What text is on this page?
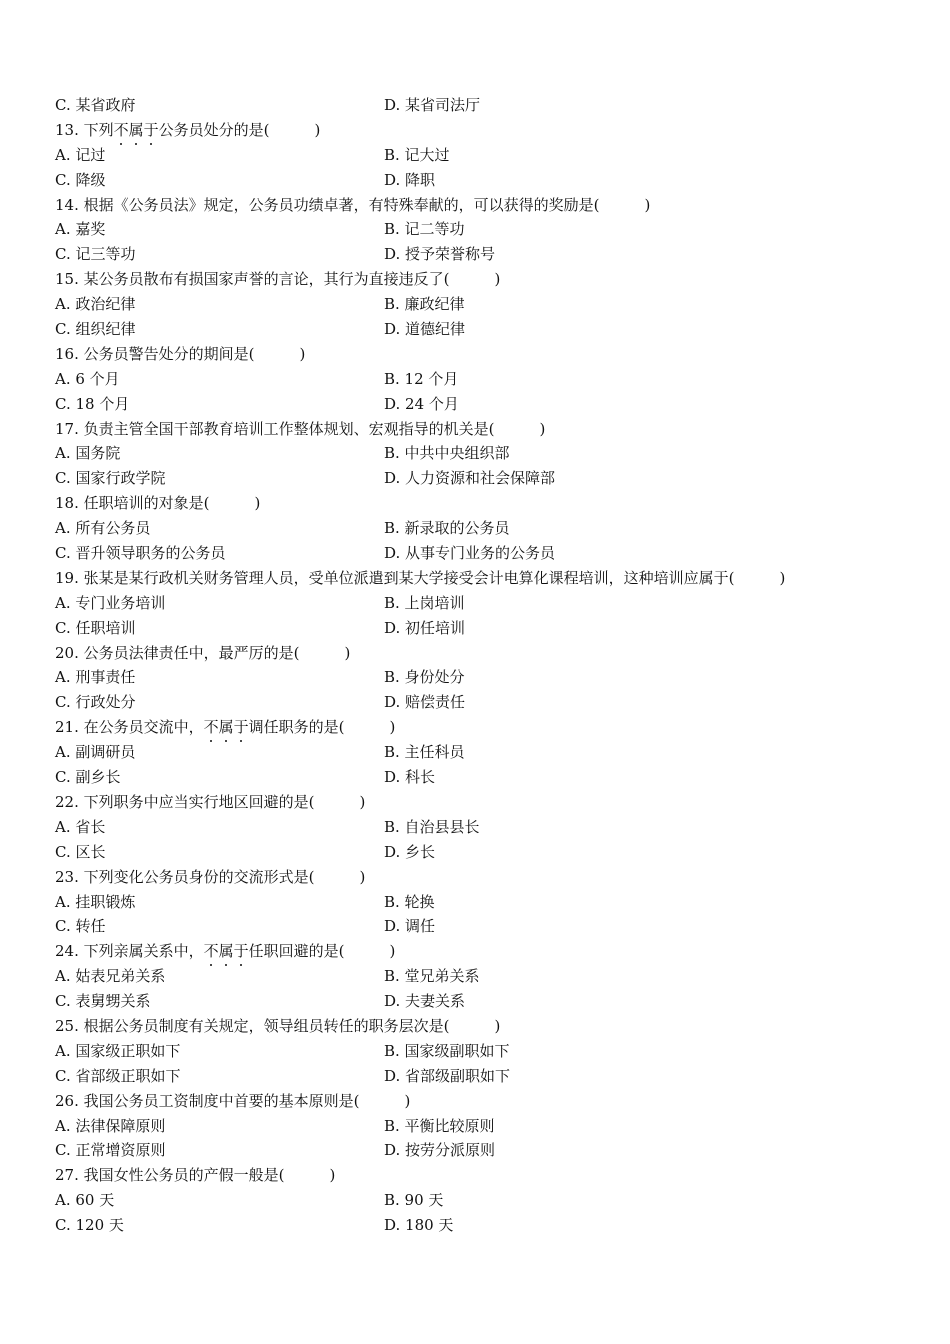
C. 某省政府	D. 某省司法厅
13. 下列不属于公务员处分的是(　　　)
A. 记过	B. 记大过
C. 降级	D. 降职
14. 根据《公务员法》规定，公务员功绩卓著，有特殊奉献的，可以获得的奖励是(　　　)
A. 嘉奖	B. 记二等功
C. 记三等功	D. 授予荣誉称号
15. 某公务员散布有损国家声誉的言论，其行为直接违反了(　　　)
A. 政治纪律	B. 廉政纪律
C. 组织纪律	D. 道德纪律
16. 公务员警告处分的期间是(　　　)
A. 6 个月	B. 12 个月
C. 18 个月	D. 24 个月
17. 负责主管全国干部教育培训工作整体规划、宏观指导的机关是(　　　)
A. 国务院	B. 中共中央组织部
C. 国家行政学院	D. 人力资源和社会保障部
18. 任职培训的对象是(　　　)
A. 所有公务员	B. 新录取的公务员
C. 晋升领导职务的公务员	D. 从事专门业务的公务员
19. 张某是某行政机关财务管理人员，受单位派遣到某大学接受会计电算化课程培训，这种培训应属于(　　　)
A. 专门业务培训	B. 上岗培训
C. 任职培训	D. 初任培训
20. 公务员法律责任中，最严厉的是(　　　)
A. 刑事责任	B. 身份处分
C. 行政处分	D. 赔偿责任
21. 在公务员交流中，不属于调任职务的是(　　　)
A. 副调研员	B. 主任科员
C. 副乡长	D. 科长
22. 下列职务中应当实行地区回避的是(　　　)
A. 省长	B. 自治县县长
C. 区长	D. 乡长
23. 下列变化公务员身份的交流形式是(　　　)
A. 挂职锻炼	B. 轮换
C. 转任	D. 调任
24. 下列亲属关系中，不属于任职回避的是(　　　)
A. 姑表兄弟关系	B. 堂兄弟关系
C. 表舅甥关系	D. 夫妻关系
25. 根据公务员制度有关规定，领导组员转任的职务层次是(　　　)
A. 国家级正职如下	B. 国家级副职如下
C. 省部级正职如下	D. 省部级副职如下
26. 我国公务员工资制度中首要的基本原则是(　　　)
A. 法律保障原则	B. 平衡比较原则
C. 正常增资原则	D. 按劳分派原则
27. 我国女性公务员的产假一般是(　　　)
A. 60 天	B. 90 天
C. 120 天	D. 180 天
